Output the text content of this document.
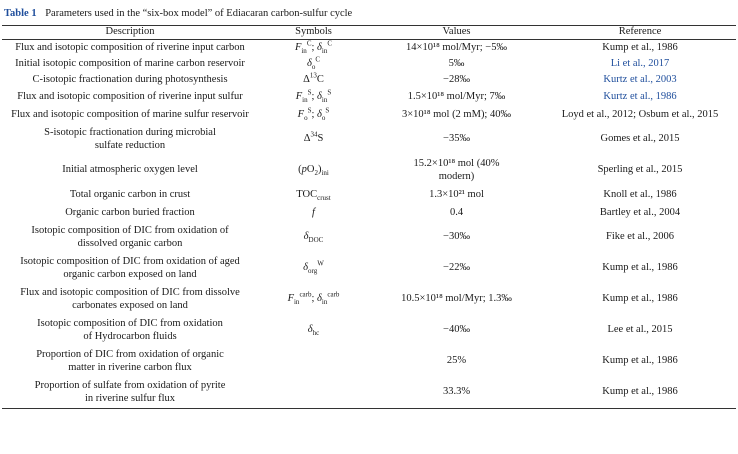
Table 1 Parameters used in the “six-box model” of Ediacaran carbon-sulfur cycle
Description	Symbols	Values	Reference
Flux and isotopic composition of riverine input carbon	$F_{in}^C$; $\delta_{in}^C$	14×10¹⁸ mol/Myr; −5‰	Kump et al., 1986
Initial isotopic composition of marine carbon reservoir	$\delta_o^C$	5‰	Li et al., 2017
C-isotopic fractionation during photosynthesis	$\Delta^{13}C$	−28‰	Kurtz et al., 2003
Flux and isotopic composition of riverine input sulfur	$F_{in}^S$; $\delta_{in}^S$	1.5×10¹⁸ mol/Myr; 7‰	Kurtz et al., 1986
Flux and isotopic composition of marine sulfur reservoir	$F_o^S$; $\delta_o^S$	3×10¹⁸ mol (2 mM); 40‰	Loyd et al., 2012; Osbum et al., 2015
S-isotopic fractionation during microbial
sulfate reduction	$\Delta^{34}S$	−35‰	Gomes et al., 2015
Initial atmospheric oxygen level	$(pO_2)_{ini}$	15.2×10¹⁸ mol (40%
modern)	Sperling et al., 2015
Total organic carbon in crust	$TOC_{crust}$	1.3×10²¹ mol	Knoll et al., 1986
Organic carbon buried fraction	f	0.4	Bartley et al., 2004
Isotopic composition of DIC from oxidation of
dissolved organic carbon	$\delta_{DOC}$	−30‰	Fike et al., 2006
Isotopic composition of DIC from oxidation of aged
organic carbon exposed on land	$\delta_{org}^W$	−22‰	Kump et al., 1986
Flux and isotopic composition of DIC from dissolve
carbonates exposed on land	$F_{in}^{carb}$; $\delta_{in}^{carb}$	10.5×10¹⁸ mol/Myr; 1.3‰	Kump et al., 1986
Isotopic composition of DIC from oxidation
of Hydrocarbon fluids	$\delta_{hc}$	−40‰	Lee et al., 2015
Proportion of DIC from oxidation of organic
matter in riverine carbon flux		25%	Kump et al., 1986
Proportion of sulfate from oxidation of pyrite
in riverine sulfur flux		33.3%	Kump et al., 1986
